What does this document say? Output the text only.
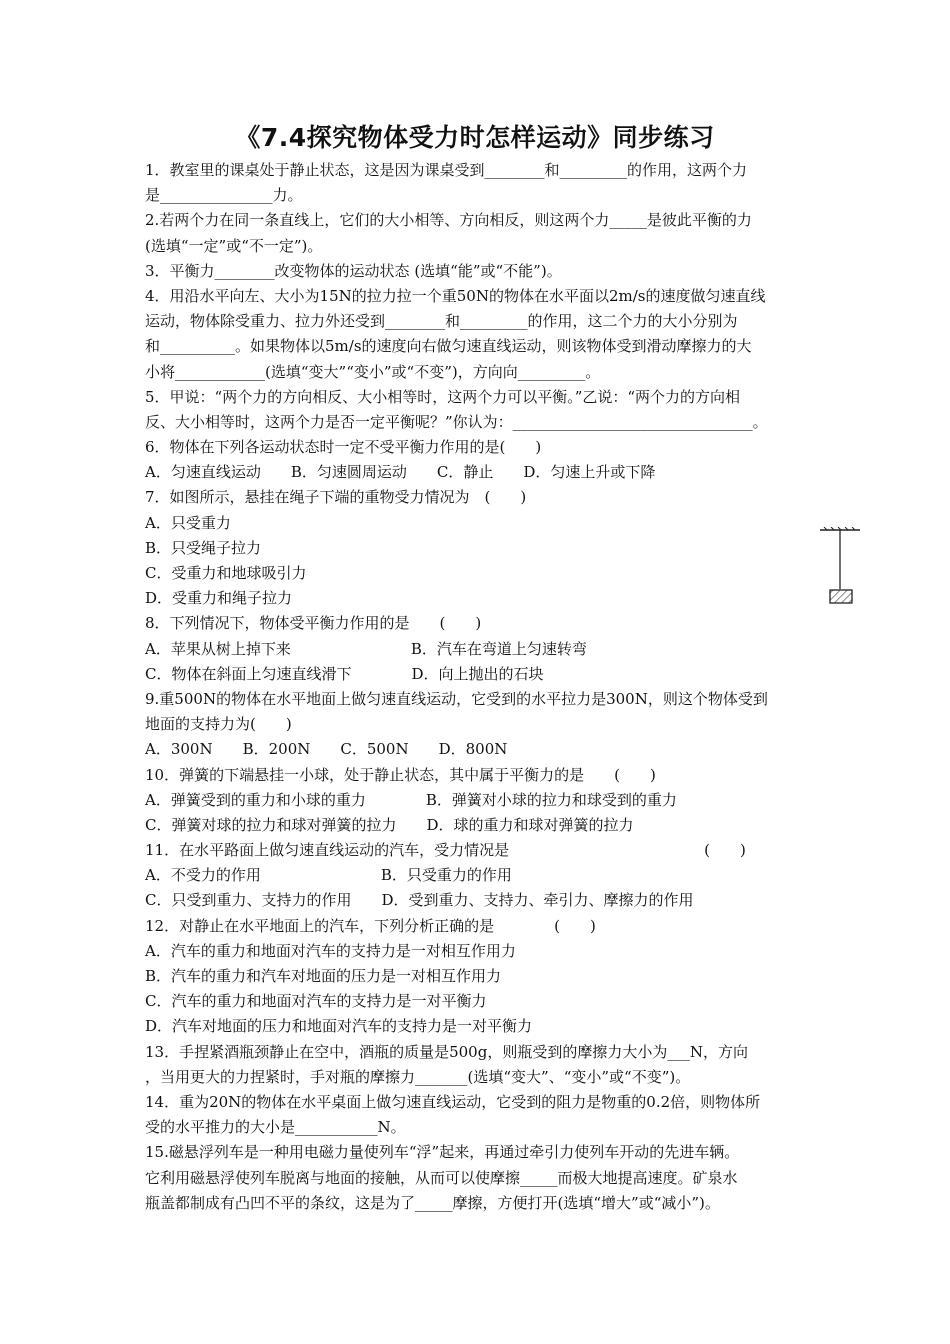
《7.4探究物体受力时怎样运动》同步练习
1．教室里的课桌处于静止状态，这是因为课桌受到________和_________的作用，这两个力
是_______________力。
2.若两个力在同一条直线上，它们的大小相等、方向相反，则这两个力_____是彼此平衡的力
(选填“一定”或“不一定”)。
3．平衡力________改变物体的运动状态 (选填“能”或“不能”)。
4．用沿水平向左、大小为15N的拉力拉一个重50N的物体在水平面以2m/s的速度做匀速直线
运动，物体除受重力、拉力外还受到________和_________的作用，这二个力的大小分别为
和__________。如果物体以5m/s的速度向右做匀速直线运动，则该物体受到滑动摩擦力的大
小将____________(选填“变大”“变小”或“不变”)，方向向_________。
5．甲说：“两个力的方向相反、大小相等时，这两个力可以平衡。”乙说：“两个力的方向相
反、大小相等时，这两个力是否一定平衡呢？”你认为：________________________________。
6．物体在下列各运动状态时一定不受平衡力作用的是(　　)
A．匀速直线运动　　B．匀速圆周运动　　C．静止　　D．匀速上升或下降
7．如图所示，悬挂在绳子下端的重物受力情况为　(　　)
A．只受重力
B．只受绳子拉力
C．受重力和地球吸引力
D．受重力和绳子拉力
8．下列情况下，物体受平衡力作用的是　　(　　)
A．苹果从树上掉下来　　　　　　　　B．汽车在弯道上匀速转弯
C．物体在斜面上匀速直线滑下　　　　D．向上抛出的石块
9.重500N的物体在水平地面上做匀速直线运动，它受到的水平拉力是300N，则这个物体受到
地面的支持力为(　　)
A．300N　　B．200N　　C．500N　　D．800N
10．弹簧的下端悬挂一小球，处于静止状态，其中属于平衡力的是　　(　　)
A．弹簧受到的重力和小球的重力　　　　B．弹簧对小球的拉力和球受到的重力
C．弹簧对球的拉力和球对弹簧的拉力　　D．球的重力和球对弹簧的拉力
11．在水平路面上做匀速直线运动的汽车，受力情况是　　　　　　　　　　　　　(　　)
A．不受力的作用　　　　　　　　B．只受重力的作用
C．只受到重力、支持力的作用　　D．受到重力、支持力、牵引力、摩擦力的作用
12．对静止在水平地面上的汽车，下列分析正确的是　　　　(　　)
A．汽车的重力和地面对汽车的支持力是一对相互作用力
B．汽车的重力和汽车对地面的压力是一对相互作用力
C．汽车的重力和地面对汽车的支持力是一对平衡力
D．汽车对地面的压力和地面对汽车的支持力是一对平衡力
13．手捏紧酒瓶颈静止在空中，酒瓶的质量是500g，则瓶受到的摩擦力大小为___N，方向
，当用更大的力捏紧时，手对瓶的摩擦力_______(选填“变大”、“变小”或“不变”)。
14．重为20N的物体在水平桌面上做匀速直线运动，它受到的阻力是物重的0.2倍，则物体所
受的水平推力的大小是___________N。
15.磁悬浮列车是一种用电磁力量使列车“浮”起来，再通过牵引力使列车开动的先进车辆。
它利用磁悬浮使列车脱离与地面的接触，从而可以使摩擦_____而极大地提高速度。矿泉水
瓶盖都制成有凸凹不平的条纹，这是为了_____摩擦，方便打开(选填“增大”或“减小”)。
